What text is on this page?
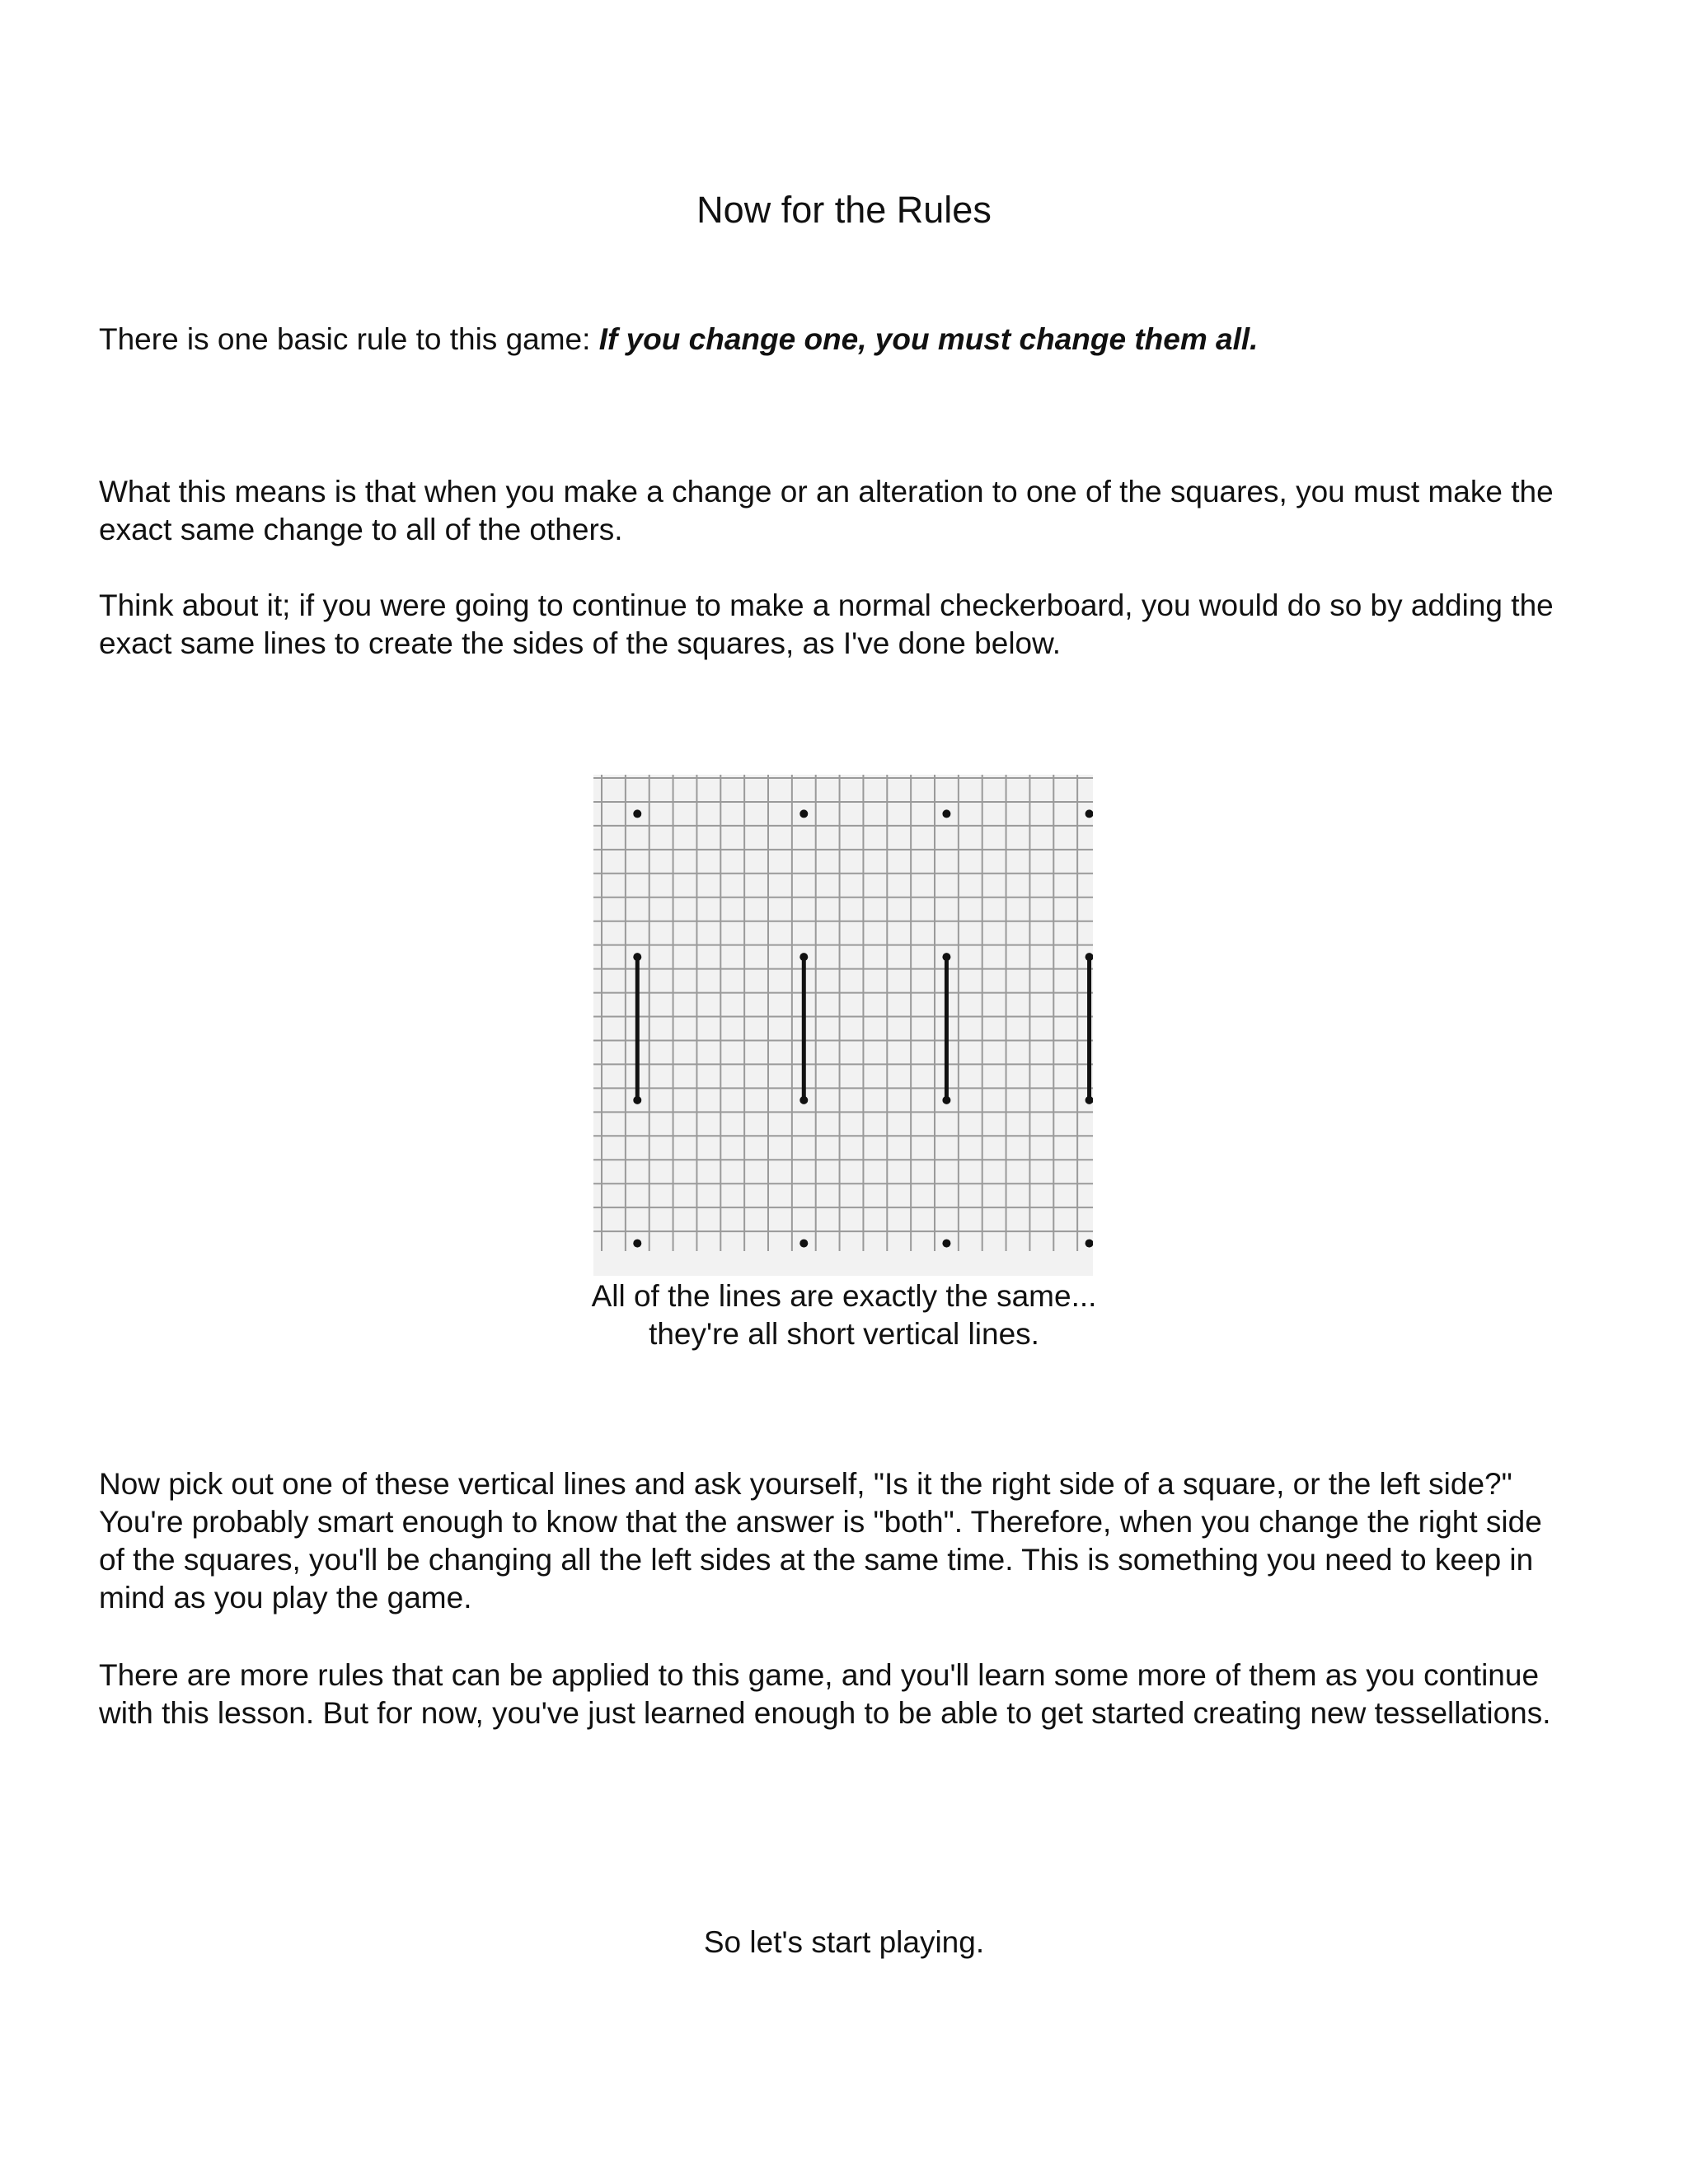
Now for the Rules

There is one basic rule to this game: If you change one, you must change them all.

What this means is that when you make a change or an alteration to one of the squares, you must make the exact same change to all of the others.

Think about it; if you were going to continue to make a normal checkerboard, you would do so by adding the exact same lines to create the sides of the squares, as I've done below.

All of the lines are exactly the same...

they're all short vertical lines.

Now pick out one of these vertical lines and ask yourself, "Is it the right side of a square, or the left side?" You're probably smart enough to know that the answer is "both". Therefore, when you change the right side of the squares, you'll be changing all the left sides at the same time. This is something you need to keep in mind as you play the game.

There are more rules that can be applied to this game, and you'll learn some more of them as you continue with this lesson. But for now, you've just learned enough to be able to get started creating new tessellations.

So let's start playing.
